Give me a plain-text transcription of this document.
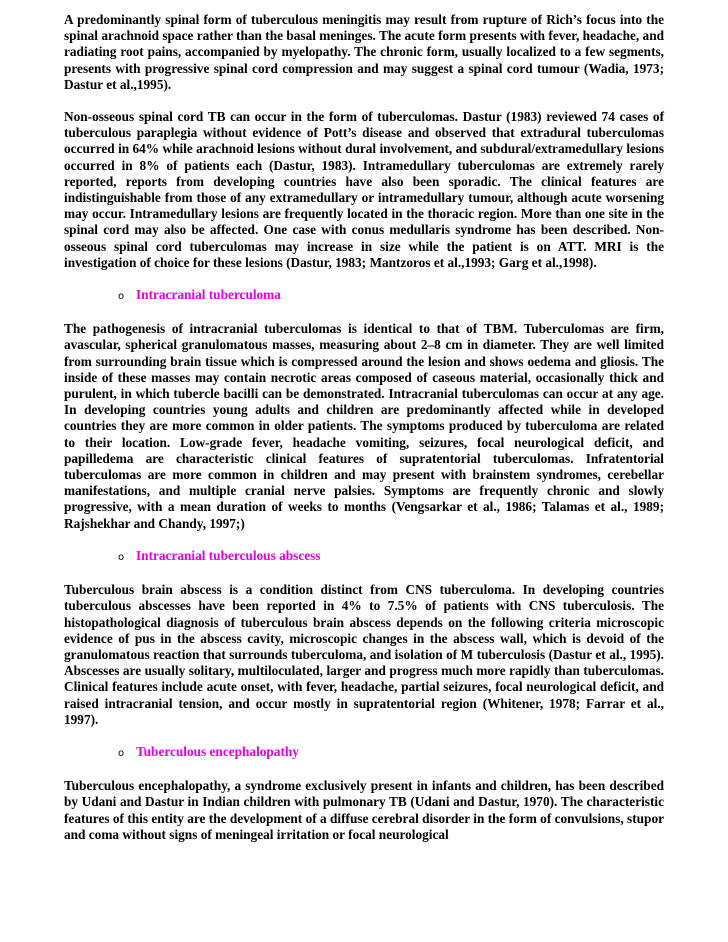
A predominantly spinal form of tuberculous meningitis may result from rupture of Rich’s focus into the spinal arachnoid space rather than the basal meninges. The acute form presents with fever, headache, and radiating root pains, accompanied by myelopathy. The chronic form, usually localized to a few segments, presents with progressive spinal cord compression and may suggest a spinal cord tumour (Wadia, 1973; Dastur et al.,1995).

Non-osseous spinal cord TB can occur in the form of tuberculomas. Dastur (1983) reviewed 74 cases of tuberculous paraplegia without evidence of Pott’s disease and observed that extradural tuberculomas occurred in 64% while arachnoid lesions without dural involvement, and subdural/extramedullary lesions occurred in 8% of patients each (Dastur, 1983). Intramedullary tuberculomas are extremely rarely reported, reports from developing countries have also been sporadic. The clinical features are indistinguishable from those of any extramedullary or intramedullary tumour, although acute worsening may occur. Intramedullary lesions are frequently located in the thoracic region. More than one site in the spinal cord may also be affected. One case with conus medullaris syndrome has been described. Non-osseous spinal cord tuberculomas may increase in size while the patient is on ATT. MRI is the investigation of choice for these lesions (Dastur, 1983; Mantzoros et al.,1993; Garg et al.,1998).

o Intracranial tuberculoma

The pathogenesis of intracranial tuberculomas is identical to that of TBM. Tuberculomas are firm, avascular, spherical granulomatous masses, measuring about 2–8 cm in diameter. They are well limited from surrounding brain tissue which is compressed around the lesion and shows oedema and gliosis. The inside of these masses may contain necrotic areas composed of caseous material, occasionally thick and purulent, in which tubercle bacilli can be demonstrated. Intracranial tuberculomas can occur at any age. In developing countries young adults and children are predominantly affected while in developed countries they are more common in older patients. The symptoms produced by tuberculoma are related to their location. Low-grade fever, headache vomiting, seizures, focal neurological deficit, and papilledema are characteristic clinical features of supratentorial tuberculomas. Infratentorial tuberculomas are more common in children and may present with brainstem syndromes, cerebellar manifestations, and multiple cranial nerve palsies. Symptoms are frequently chronic and slowly progressive, with a mean duration of weeks to months (Vengsarkar et al., 1986; Talamas et al., 1989; Rajshekhar and Chandy, 1997;)

o Intracranial tuberculous abscess

Tuberculous brain abscess is a condition distinct from CNS tuberculoma. In developing countries tuberculous abscesses have been reported in 4% to 7.5% of patients with CNS tuberculosis. The histopathological diagnosis of tuberculous brain abscess depends on the following criteria microscopic evidence of pus in the abscess cavity, microscopic changes in the abscess wall, which is devoid of the granulomatous reaction that surrounds tuberculoma, and isolation of M tuberculosis (Dastur et al., 1995). Abscesses are usually solitary, multiloculated, larger and progress much more rapidly than tuberculomas. Clinical features include acute onset, with fever, headache, partial seizures, focal neurological deficit, and raised intracranial tension, and occur mostly in supratentorial region (Whitener, 1978; Farrar et al., 1997).

o Tuberculous encephalopathy

Tuberculous encephalopathy, a syndrome exclusively present in infants and children, has been described by Udani and Dastur in Indian children with pulmonary TB (Udani and Dastur, 1970). The characteristic features of this entity are the development of a diffuse cerebral disorder in the form of convulsions, stupor and coma without signs of meningeal irritation or focal neurological
